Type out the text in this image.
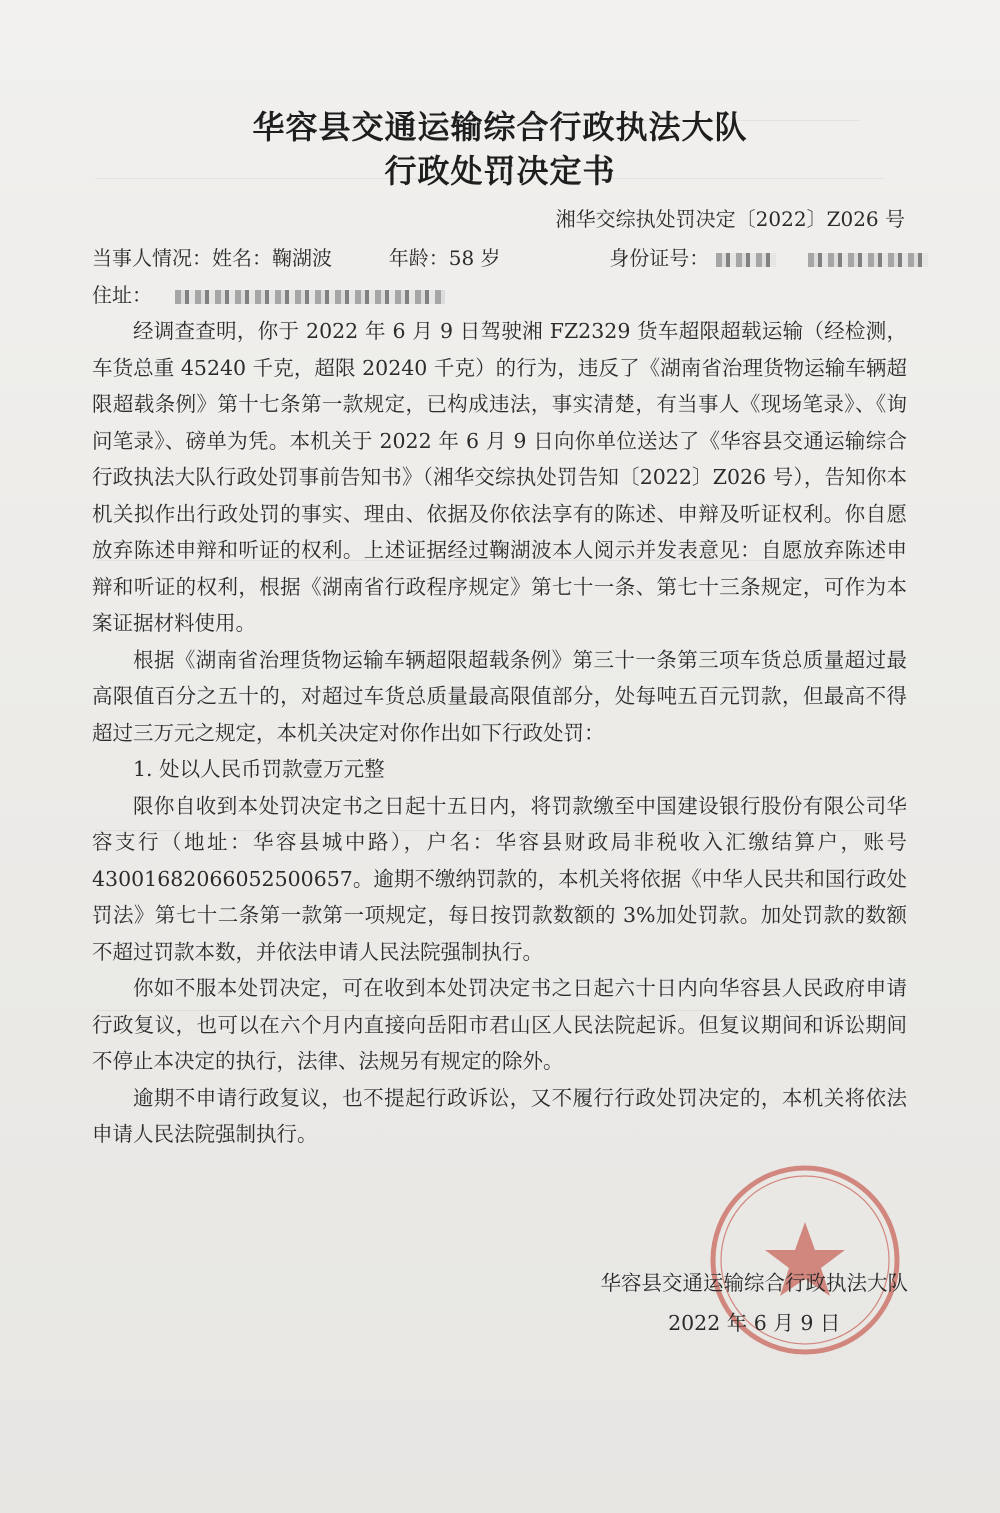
华容县交通运输综合行政执法大队
行政处罚决定书
湘华交综执处罚决定〔2022〕Z026 号
当事人情况：姓名：鞠湖波	年龄：58 岁	身份证号：
住址：

经调查查明，你于 2022 年 6 月 9 日驾驶湘 FZ2329 货车超限超载运输（经检测，车货总重 45240 千克，超限 20240 千克）的行为，违反了《湖南省治理货物运输车辆超限超载条例》第十七条第一款规定，已构成违法，事实清楚，有当事人《现场笔录》、《询问笔录》、磅单为凭。本机关于 2022 年 6 月 9 日向你单位送达了《华容县交通运输综合行政执法大队行政处罚事前告知书》（湘华交综执处罚告知〔2022〕Z026 号），告知你本机关拟作出行政处罚的事实、理由、依据及你依法享有的陈述、申辩及听证权利。你自愿放弃陈述申辩和听证的权利。上述证据经过鞠湖波本人阅示并发表意见：自愿放弃陈述申辩和听证的权利，根据《湖南省行政程序规定》第七十一条、第七十三条规定，可作为本案证据材料使用。

根据《湖南省治理货物运输车辆超限超载条例》第三十一条第三项车货总质量超过最高限值百分之五十的，对超过车货总质量最高限值部分，处每吨五百元罚款，但最高不得超过三万元之规定，本机关决定对你作出如下行政处罚：

1. 处以人民币罚款壹万元整

限你自收到本处罚决定书之日起十五日内，将罚款缴至中国建设银行股份有限公司华容支行（地址：华容县城中路），户名：华容县财政局非税收入汇缴结算户，账号 43001682066052500657。逾期不缴纳罚款的，本机关将依据《中华人民共和国行政处罚法》第七十二条第一款第一项规定，每日按罚款数额的 3%加处罚款。加处罚款的数额不超过罚款本数，并依法申请人民法院强制执行。

你如不服本处罚决定，可在收到本处罚决定书之日起六十日内向华容县人民政府申请行政复议，也可以在六个月内直接向岳阳市君山区人民法院起诉。但复议期间和诉讼期间不停止本决定的执行，法律、法规另有规定的除外。

逾期不申请行政复议，也不提起行政诉讼，又不履行行政处罚决定的，本机关将依法申请人民法院强制执行。

华容县交通运输综合行政执法大队
2022 年 6 月 9 日
